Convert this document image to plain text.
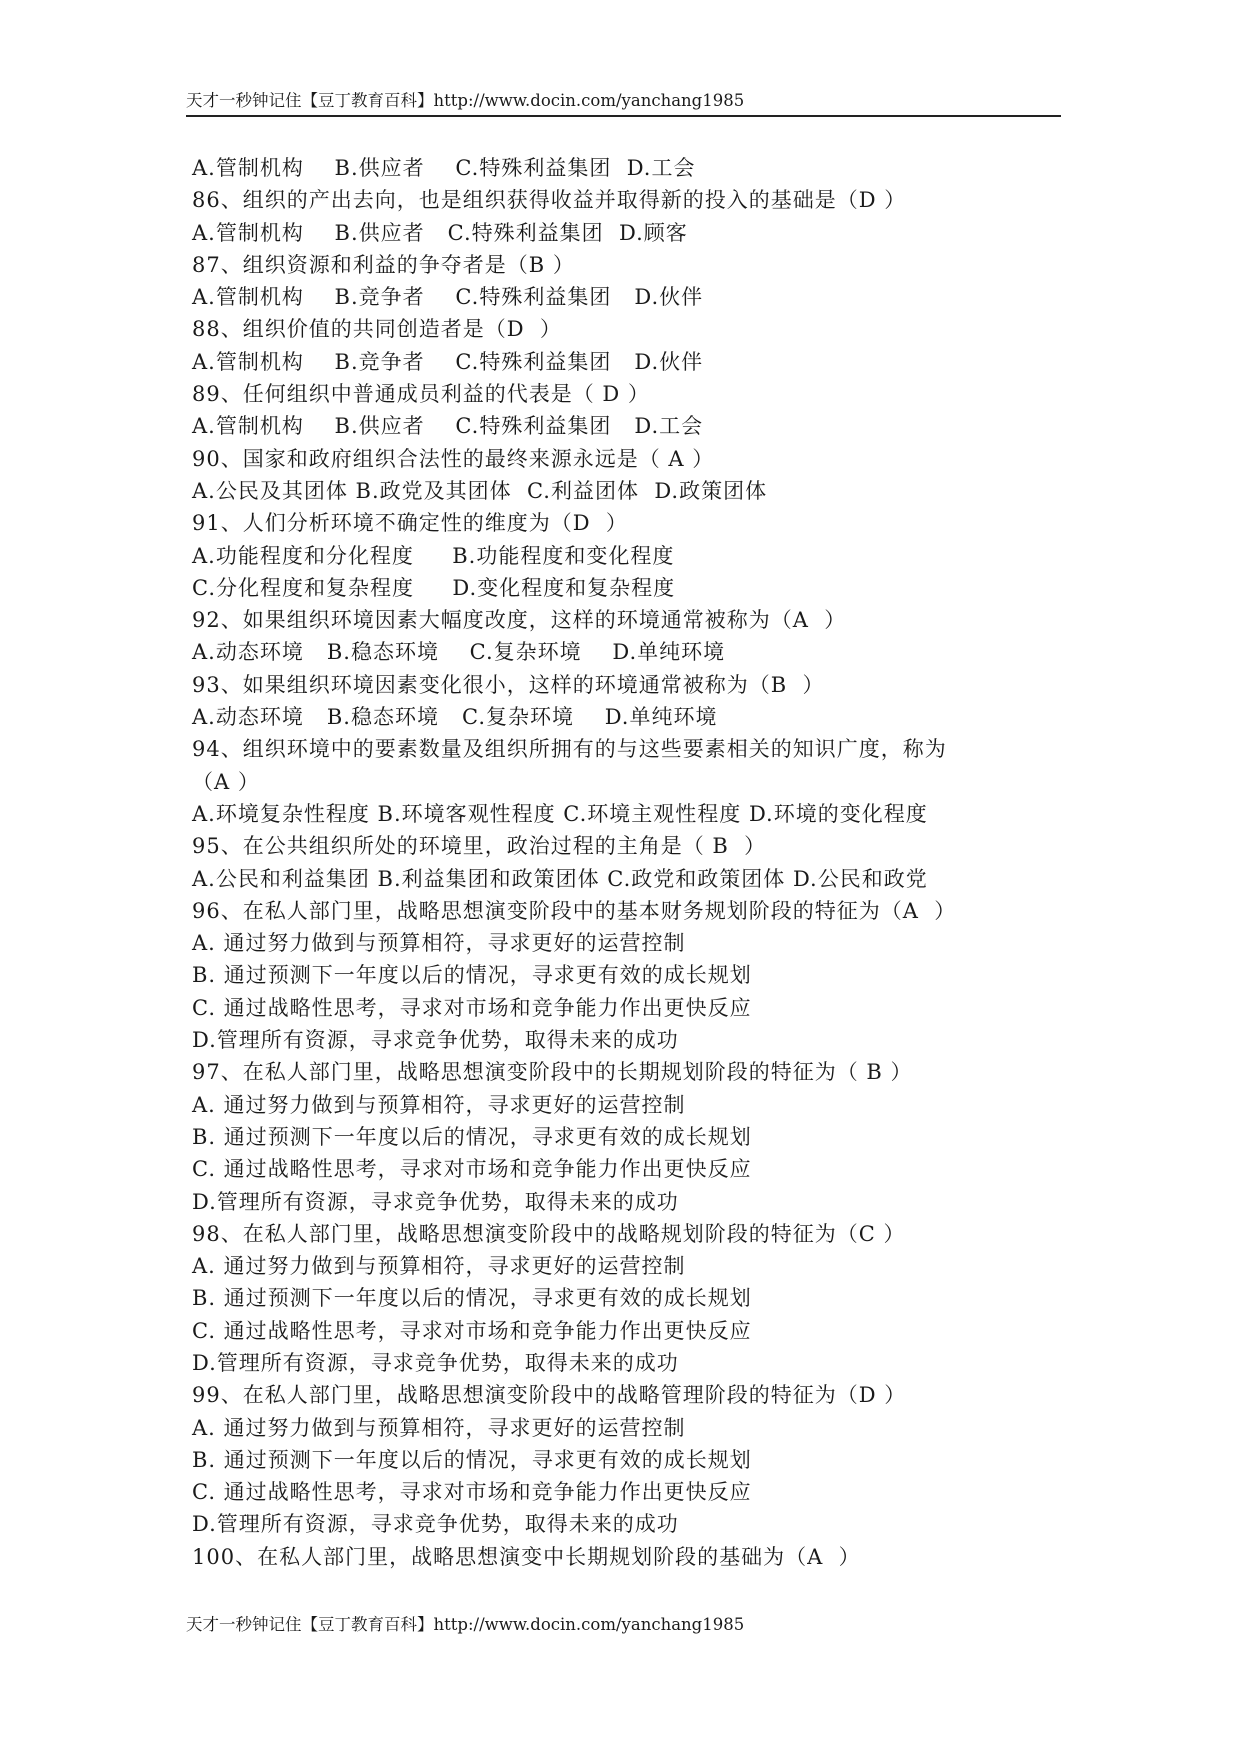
天才一秒钟记住【豆丁教育百科】http://www.docin.com/yanchang1985
A.管制机构    B.供应者    C.特殊利益集团  D.工会
86、组织的产出去向，也是组织获得收益并取得新的投入的基础是（D ）
A.管制机构    B.供应者   C.特殊利益集团  D.顾客
87、组织资源和利益的争夺者是（B ）
A.管制机构    B.竞争者    C.特殊利益集团   D.伙伴
88、组织价值的共同创造者是（D  ）
A.管制机构    B.竞争者    C.特殊利益集团   D.伙伴
89、任何组织中普通成员利益的代表是（ D ）
A.管制机构    B.供应者    C.特殊利益集团   D.工会
90、国家和政府组织合法性的最终来源永远是（ A ）
A.公民及其团体 B.政党及其团体  C.利益团体  D.政策团体
91、人们分析环境不确定性的维度为（D  ）
A.功能程度和分化程度     B.功能程度和变化程度
C.分化程度和复杂程度     D.变化程度和复杂程度
92、如果组织环境因素大幅度改度，这样的环境通常被称为（A  ）
A.动态环境   B.稳态环境    C.复杂环境    D.单纯环境
93、如果组织环境因素变化很小，这样的环境通常被称为（B  ）
A.动态环境   B.稳态环境   C.复杂环境    D.单纯环境
94、组织环境中的要素数量及组织所拥有的与这些要素相关的知识广度，称为
（A ）
A.环境复杂性程度 B.环境客观性程度 C.环境主观性程度 D.环境的变化程度
95、在公共组织所处的环境里，政治过程的主角是（ B  ）
A.公民和利益集团 B.利益集团和政策团体 C.政党和政策团体 D.公民和政党
96、在私人部门里，战略思想演变阶段中的基本财务规划阶段的特征为（A  ）
A. 通过努力做到与预算相符，寻求更好的运营控制
B. 通过预测下一年度以后的情况，寻求更有效的成长规划
C. 通过战略性思考，寻求对市场和竞争能力作出更快反应
D.管理所有资源，寻求竞争优势，取得未来的成功
97、在私人部门里，战略思想演变阶段中的长期规划阶段的特征为（ B ）
A. 通过努力做到与预算相符，寻求更好的运营控制
B. 通过预测下一年度以后的情况，寻求更有效的成长规划
C. 通过战略性思考，寻求对市场和竞争能力作出更快反应
D.管理所有资源，寻求竞争优势，取得未来的成功
98、在私人部门里，战略思想演变阶段中的战略规划阶段的特征为（C ）
A. 通过努力做到与预算相符，寻求更好的运营控制
B. 通过预测下一年度以后的情况，寻求更有效的成长规划
C. 通过战略性思考，寻求对市场和竞争能力作出更快反应
D.管理所有资源，寻求竞争优势，取得未来的成功
99、在私人部门里，战略思想演变阶段中的战略管理阶段的特征为（D ）
A. 通过努力做到与预算相符，寻求更好的运营控制
B. 通过预测下一年度以后的情况，寻求更有效的成长规划
C. 通过战略性思考，寻求对市场和竞争能力作出更快反应
D.管理所有资源，寻求竞争优势，取得未来的成功
100、在私人部门里，战略思想演变中长期规划阶段的基础为（A  ）
天才一秒钟记住【豆丁教育百科】http://www.docin.com/yanchang1985
